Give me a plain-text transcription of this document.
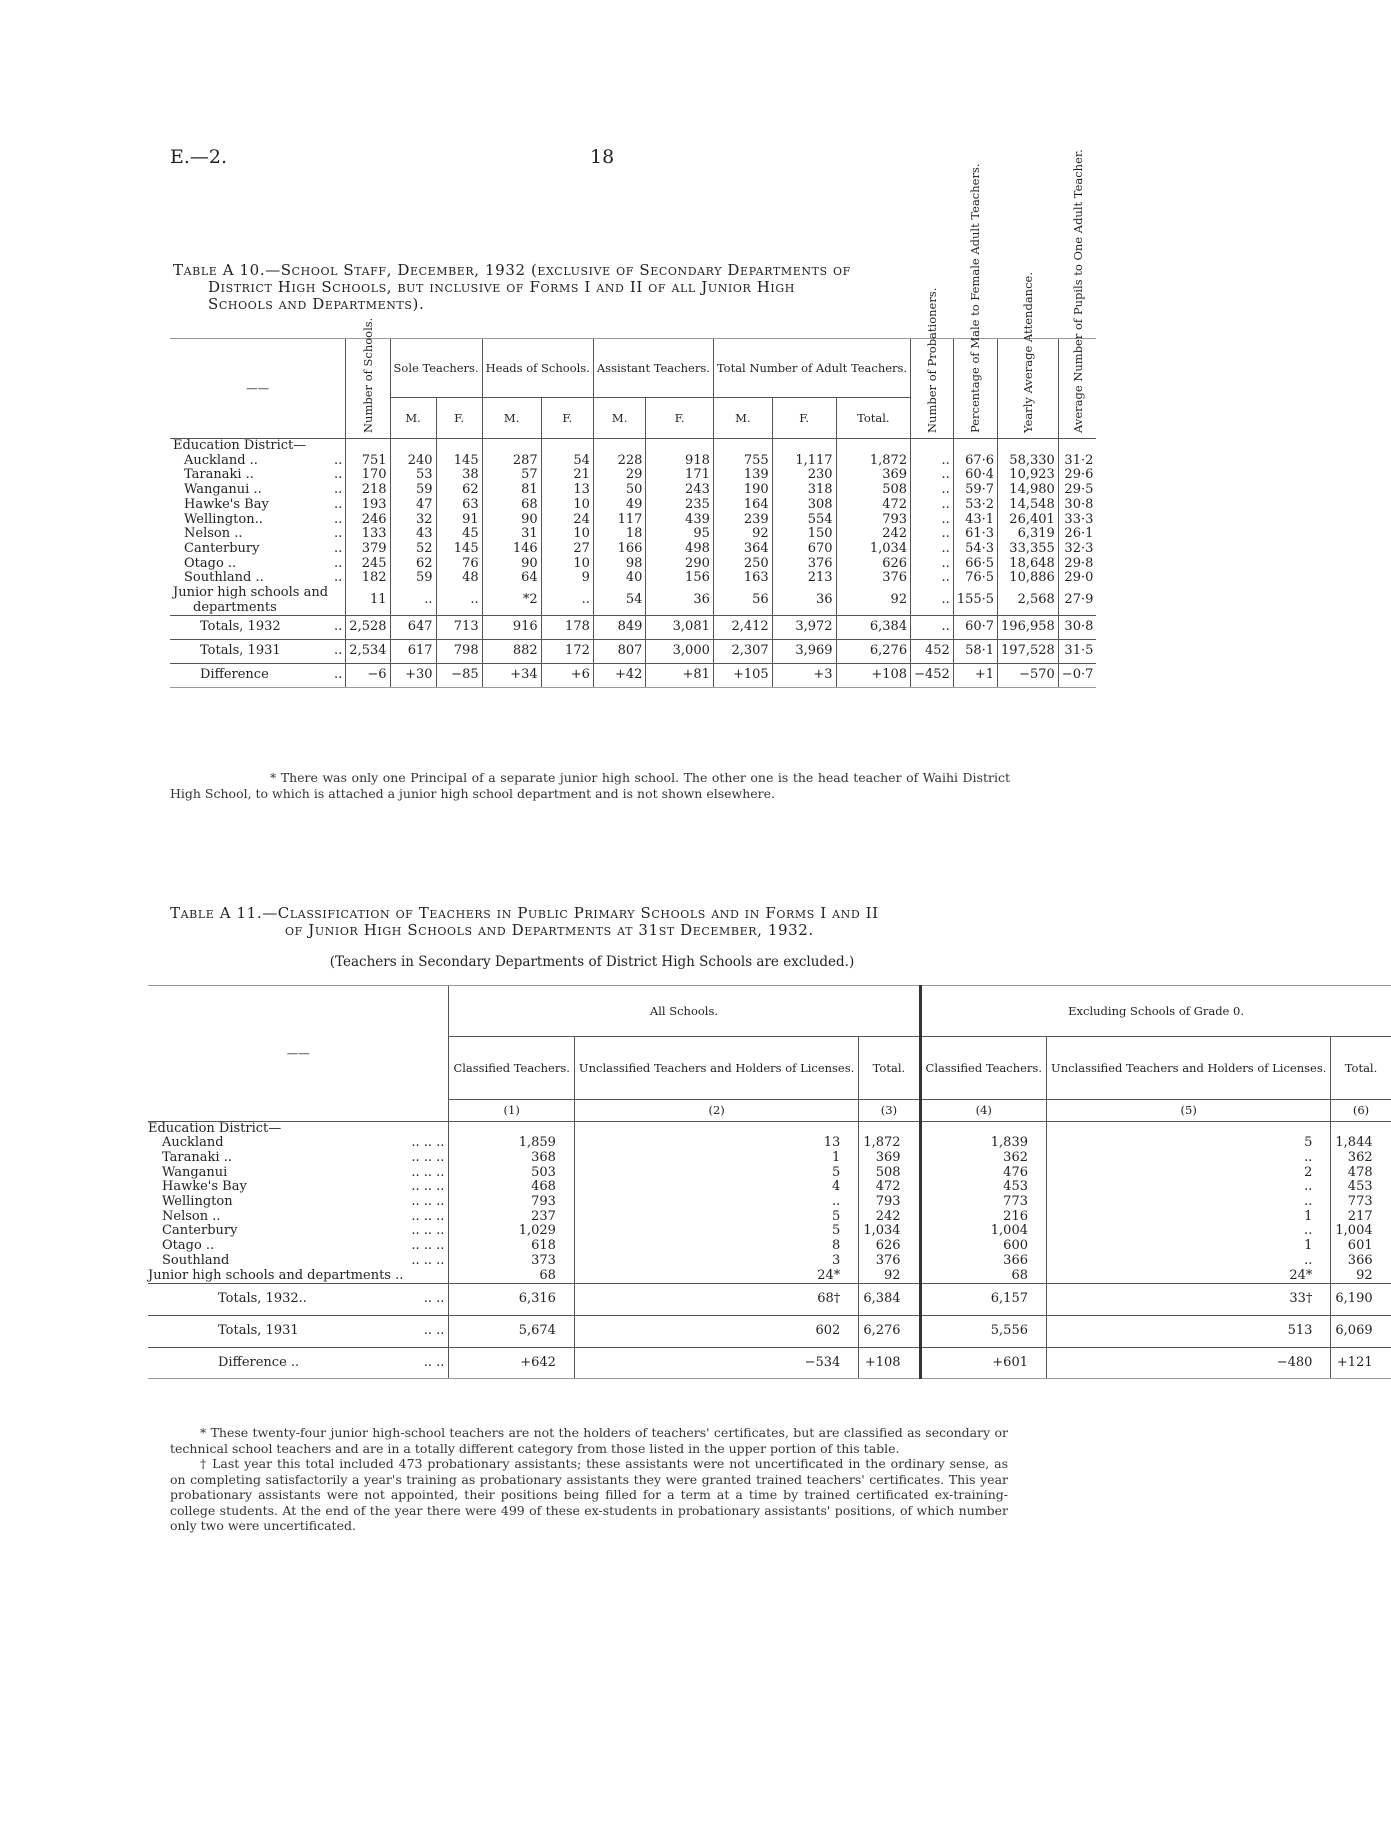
E.—2.	18
Table A 10.—School Staff, December, 1932 (exclusive of Secondary Departments of
District High Schools, but inclusive of Forms I and II of all Junior High
Schools and Departments).
——		Number of Schools.	Sole Teachers.		Heads of Schools.		Assistant Teachers.		Total Number of Adult Teachers.			Number of Probationers.	Percentage of Male to Female Adult Teachers.	Yearly Average Attendance.	Average Number of Pupils to One Adult Teacher.
			M.	F.	M.	F.	M.	F.	M.	F.	Total.				
Education District—															
Auckland ..	..	751	240	145	287	54	228	918	755	1,117	1,872	..	67·6	58,330	31·2
Taranaki ..	..	170	53	38	57	21	29	171	139	230	369	..	60·4	10,923	29·6
Wanganui ..	..	218	59	62	81	13	50	243	190	318	508	..	59·7	14,980	29·5
Hawke's Bay	..	193	47	63	68	10	49	235	164	308	472	..	53·2	14,548	30·8
Wellington..	..	246	32	91	90	24	117	439	239	554	793	..	43·1	26,401	33·3
Nelson ..	..	133	43	45	31	10	18	95	92	150	242	..	61·3	6,319	26·1
Canterbury	..	379	52	145	146	27	166	498	364	670	1,034	..	54·3	33,355	32·3
Otago ..	..	245	62	76	90	10	98	290	250	376	626	..	66·5	18,648	29·8
Southland ..	..	182	59	48	64	9	40	156	163	213	376	..	76·5	10,886	29·0
Junior high schools and
departments		11	..	..	*2	..	54	36	56	36	92	..	155·5	2,568	27·9
Totals, 1932	..	2,528	647	713	916	178	849	3,081	2,412	3,972	6,384	..	60·7	196,958	30·8
Totals, 1931	..	2,534	617	798	882	172	807	3,000	2,307	3,969	6,276	452	58·1	197,528	31·5
Difference	..	−6	+30	−85	+34	+6	+42	+81	+105	+3	+108	−452	+1	−570	−0·7
* There was only one Principal of a separate junior high school. The other one is the head teacher of Waihi District High School, to which is attached a junior high school department and is not shown elsewhere.
Table A 11.—Classification of Teachers in Public Primary Schools and in Forms I and II
of Junior High Schools and Departments at 31st December, 1932.
(Teachers in Secondary Departments of District High Schools are excluded.)
——		All Schools.			Excluding Schools of Grade 0.		
		Classified Teachers.	Unclassified Teachers and Holders of Licenses.	Total.	Classified Teachers.	Unclassified Teachers and Holders of Licenses.	Total.
		(1)	(2)	(3)	(4)	(5)	(6)
Education District—							
Auckland	.. .. ..	1,859	13	1,872	1,839	5	1,844
Taranaki ..	.. .. ..	368	1	369	362	..	362
Wanganui	.. .. ..	503	5	508	476	2	478
Hawke's Bay	.. .. ..	468	4	472	453	..	453
Wellington	.. .. ..	793	..	793	773	..	773
Nelson ..	.. .. ..	237	5	242	216	1	217
Canterbury	.. .. ..	1,029	5	1,034	1,004	..	1,004
Otago ..	.. .. ..	618	8	626	600	1	601
Southland	.. .. ..	373	3	376	366	..	366
Junior high schools and departments ..		68	24*	92	68	24*	92
Totals, 1932..	.. ..	6,316	68†	6,384	6,157	33†	6,190
Totals, 1931	.. ..	5,674	602	6,276	5,556	513	6,069
Difference ..	.. ..	+642	−534	+108	+601	−480	+121

* These twenty-four junior high-school teachers are not the holders of teachers' certificates, but are classified as secondary or technical school teachers and are in a totally different category from those listed in the upper portion of this table.

† Last year this total included 473 probationary assistants; these assistants were not uncertificated in the ordinary sense, as on completing satisfactorily a year's training as probationary assistants they were granted trained teachers' certificates. This year probationary assistants were not appointed, their positions being filled for a term at a time by trained certificated ex-training-college students. At the end of the year there were 499 of these ex-students in probationary assistants' positions, of which number only two were uncertificated.
